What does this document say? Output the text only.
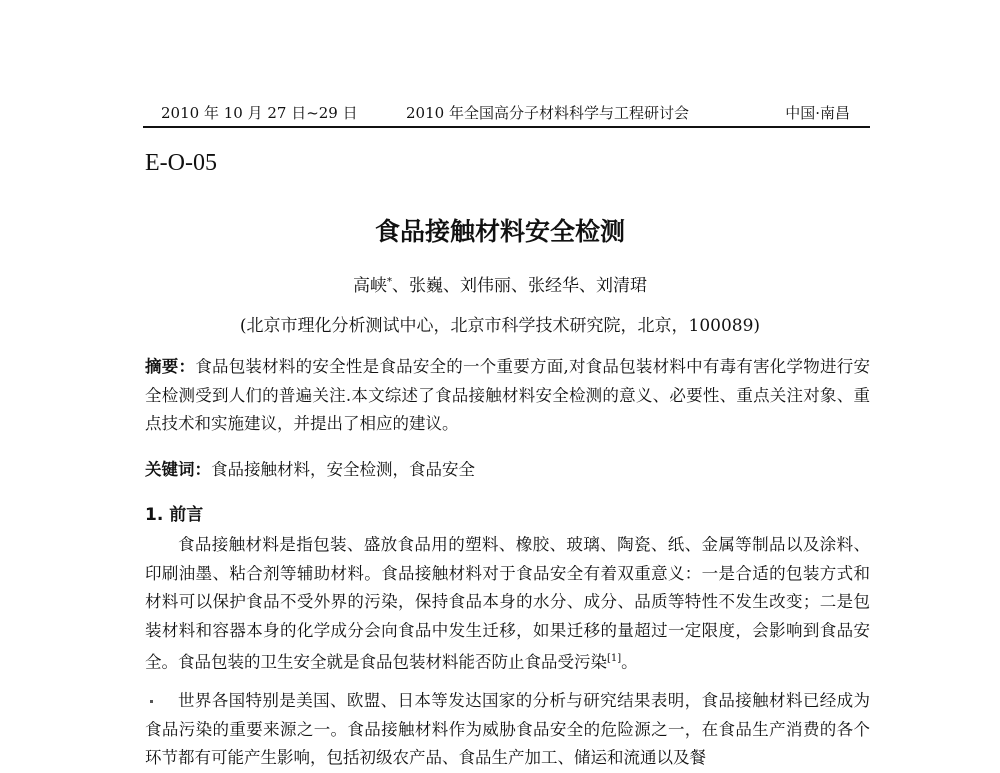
2010 年 10 月 27 日~29 日	2010 年全国高分子材料科学与工程研讨会	中国·南昌
E-O-05
食品接触材料安全检测
高峡*、张巍、刘伟丽、张经华、刘清珺
(北京市理化分析测试中心，北京市科学技术研究院，北京，100089)
摘要：食品包装材料的安全性是食品安全的一个重要方面,对食品包装材料中有毒有害化学物进行安全检测受到人们的普遍关注.本文综述了食品接触材料安全检测的意义、必要性、重点关注对象、重点技术和实施建议，并提出了相应的建议。
关键词：食品接触材料，安全检测，食品安全
1. 前言
食品接触材料是指包装、盛放食品用的塑料、橡胶、玻璃、陶瓷、纸、金属等制品以及涂料、印刷油墨、粘合剂等辅助材料。食品接触材料对于食品安全有着双重意义：一是合适的包装方式和材料可以保护食品不受外界的污染，保持食品本身的水分、成分、品质等特性不发生改变；二是包装材料和容器本身的化学成分会向食品中发生迁移，如果迁移的量超过一定限度，会影响到食品安全。食品包装的卫生安全就是食品包装材料能否防止食品受污染[1]。
世界各国特别是美国、欧盟、日本等发达国家的分析与研究结果表明，食品接触材料已经成为食品污染的重要来源之一。食品接触材料作为威胁食品安全的危险源之一，在食品生产消费的各个环节都有可能产生影响，包括初级农产品、食品生产加工、储运和流通以及餐
